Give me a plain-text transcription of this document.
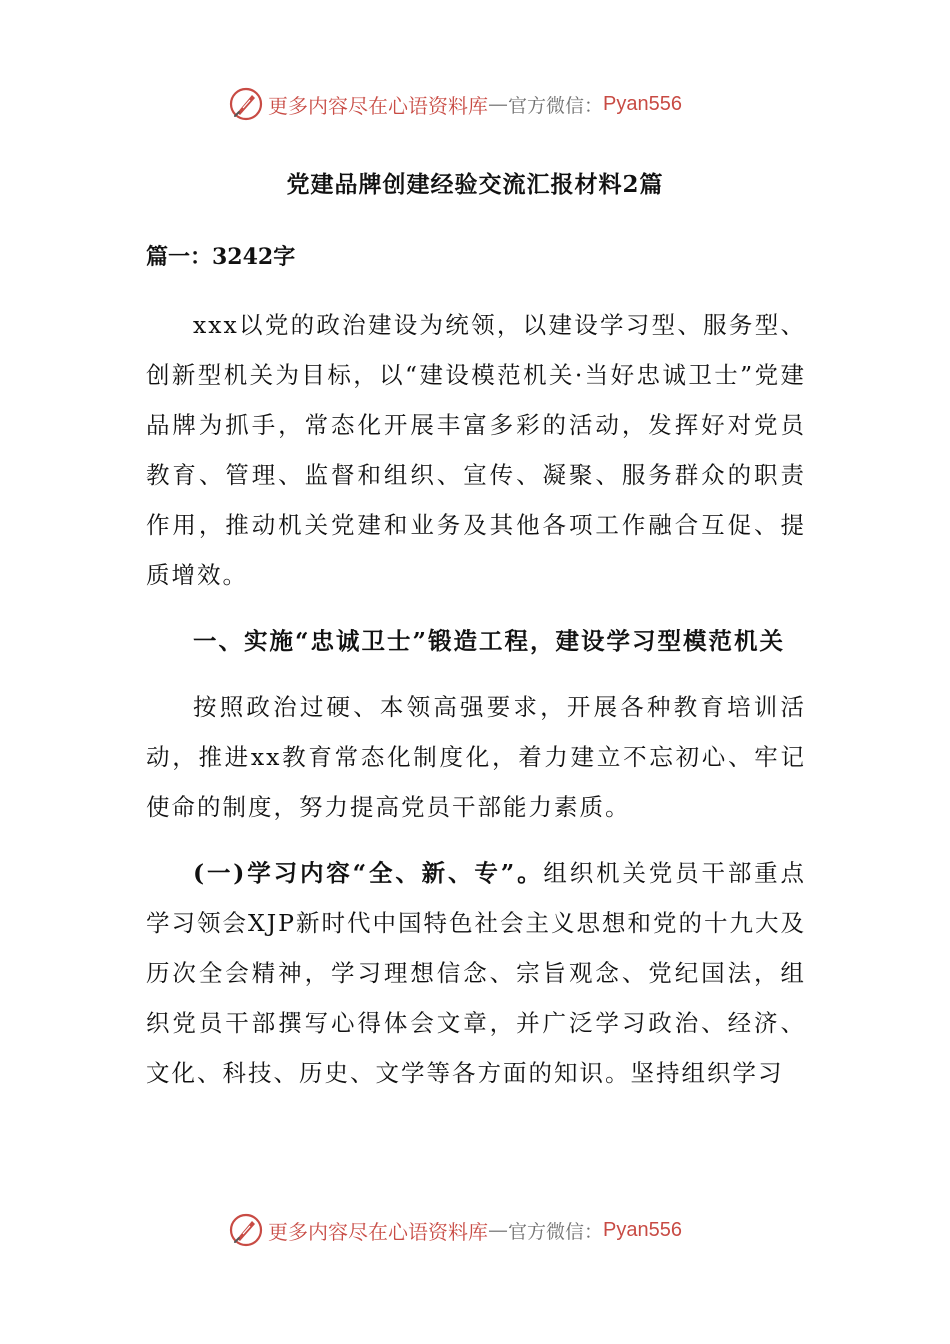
更多内容尽在心语资料库 — 官方微信： Pyan556
党建品牌创建经验交流汇报材料2篇
篇一：3242字

xxx以党的政治建设为统领，以建设学习型、服务型、创新型机关为目标，以“建设模范机关·当好忠诚卫士”党建品牌为抓手，常态化开展丰富多彩的活动，发挥好对党员教育、管理、监督和组织、宣传、凝聚、服务群众的职责作用，推动机关党建和业务及其他各项工作融合互促、提质增效。

一、实施“忠诚卫士”锻造工程，建设学习型模范机关

按照政治过硬、本领高强要求，开展各种教育培训活动，推进xx教育常态化制度化，着力建立不忘初心、牢记使命的制度，努力提高党员干部能力素质。

(一)学习内容“全、新、专”。组织机关党员干部重点学习领会XJP新时代中国特色社会主义思想和党的十九大及历次全会精神，学习理想信念、宗旨观念、党纪国法，组织党员干部撰写心得体会文章，并广泛学习政治、经济、文化、科技、历史、文学等各方面的知识。坚持组织学习

更多内容尽在心语资料库 — 官方微信： Pyan556
